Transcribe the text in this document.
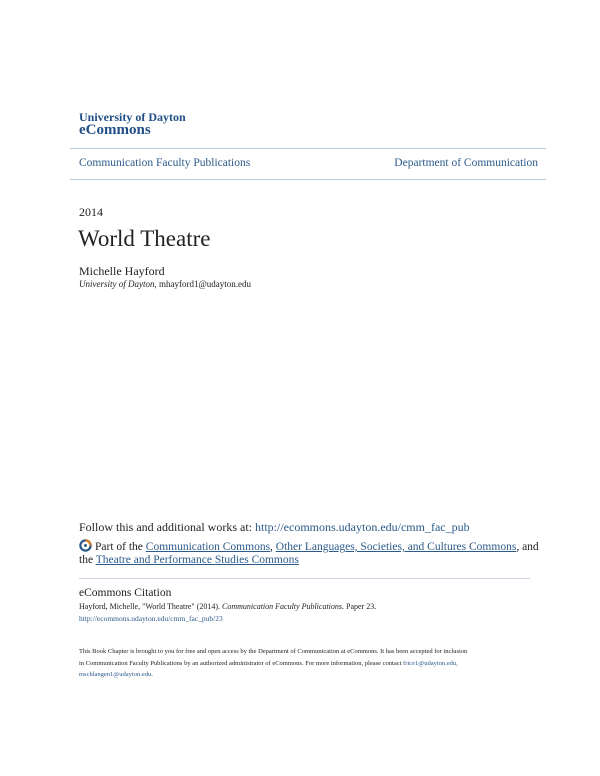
University of Dayton
eCommons
Communication Faculty Publications	Department of Communication
2014
World Theatre
Michelle Hayford
University of Dayton, mhayford1@udayton.edu
Follow this and additional works at: http://ecommons.udayton.edu/cmm_fac_pub
Part of the Communication Commons, Other Languages, Societies, and Cultures Commons, and
the Theatre and Performance Studies Commons
eCommons Citation
Hayford, Michelle, "World Theatre" (2014). Communication Faculty Publications. Paper 23.
http://ecommons.udayton.edu/cmm_fac_pub/23
This Book Chapter is brought to you for free and open access by the Department of Communication at eCommons. It has been accepted for inclusion
in Communication Faculty Publications by an authorized administrator of eCommons. For more information, please contact frice1@udayton.edu,
mschlangen1@udayton.edu.
